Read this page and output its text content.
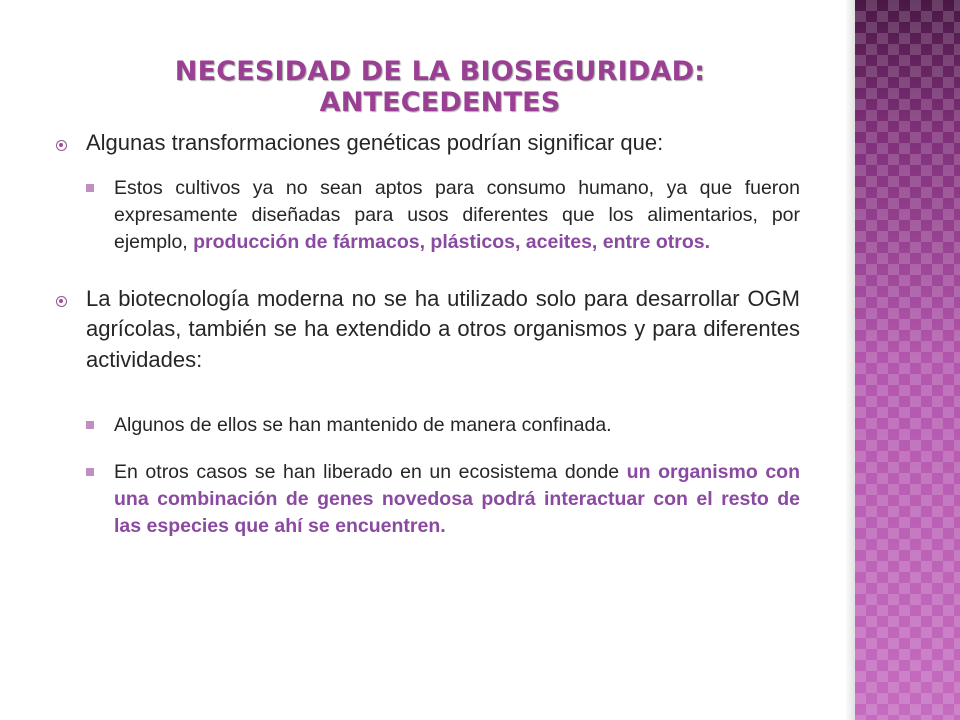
NECESIDAD DE LA BIOSEGURIDAD: ANTECEDENTES
Algunas transformaciones genéticas podrían significar que:
Estos cultivos ya no sean aptos para consumo humano, ya que fueron expresamente diseñadas para usos diferentes que los alimentarios, por ejemplo, producción de fármacos, plásticos, aceites, entre otros.
La biotecnología moderna no se ha utilizado solo para desarrollar OGM agrícolas, también se ha extendido a otros organismos y para diferentes actividades:
Algunos de ellos se han mantenido de manera confinada.
En otros casos se han liberado en un ecosistema donde un organismo con una combinación de genes novedosa podrá interactuar con el resto de las especies que ahí se encuentren.
